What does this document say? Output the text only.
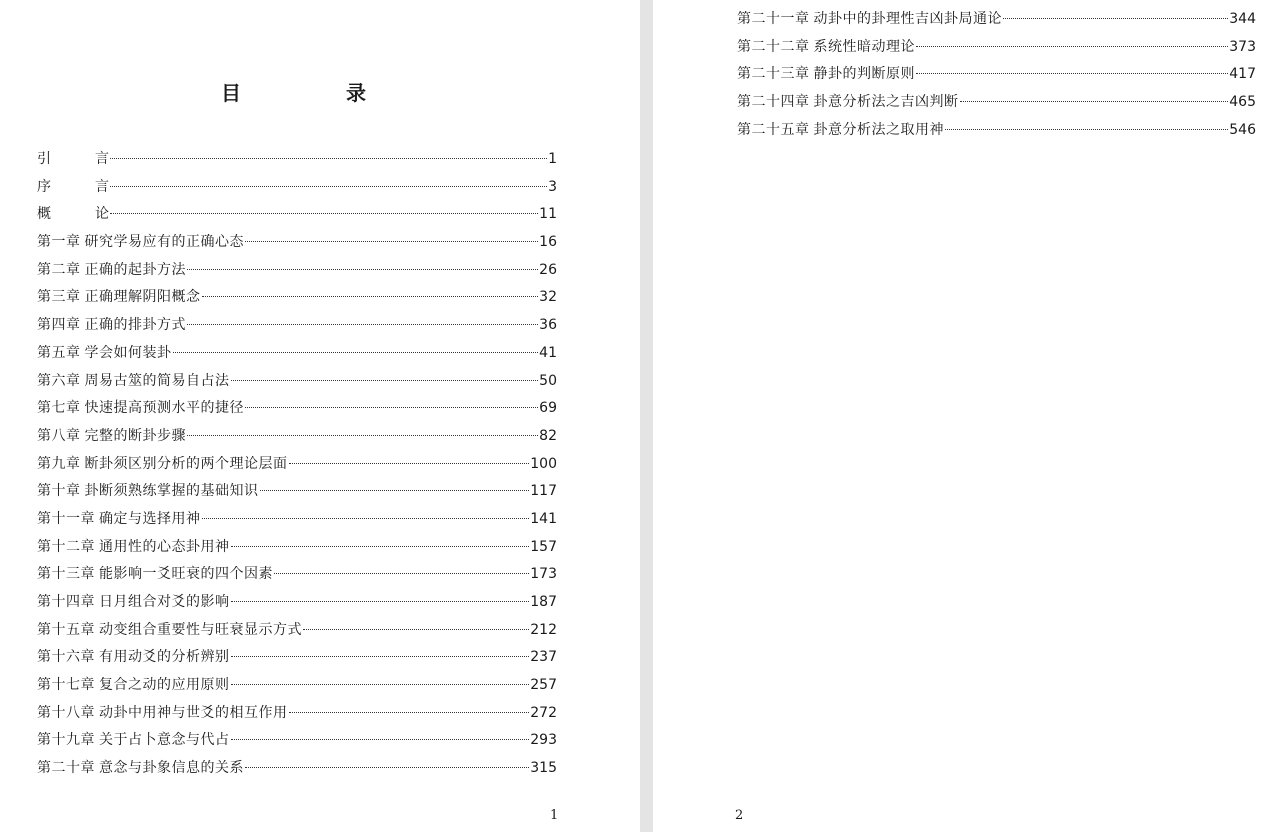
目	录
引言	1
序言	3
概论	11
第一章 研究学易应有的正确心态	16
第二章 正确的起卦方法	26
第三章 正确理解阴阳概念	32
第四章 正确的排卦方式	36
第五章 学会如何装卦	41
第六章 周易古筮的简易自占法	50
第七章 快速提高预测水平的捷径	69
第八章 完整的断卦步骤	82
第九章 断卦须区别分析的两个理论层面	100
第十章 卦断须熟练掌握的基础知识	117
第十一章 确定与选择用神	141
第十二章 通用性的心态卦用神	157
第十三章 能影响一爻旺衰的四个因素	173
第十四章 日月组合对爻的影响	187
第十五章 动变组合重要性与旺衰显示方式	212
第十六章 有用动爻的分析辨别	237
第十七章 复合之动的应用原则	257
第十八章 动卦中用神与世爻的相互作用	272
第十九章 关于占卜意念与代占	293
第二十章 意念与卦象信息的关系	315
1
第二十一章 动卦中的卦理性吉凶卦局通论	344
第二十二章 系统性暗动理论	373
第二十三章 静卦的判断原则	417
第二十四章 卦意分析法之吉凶判断	465
第二十五章 卦意分析法之取用神	546
2
